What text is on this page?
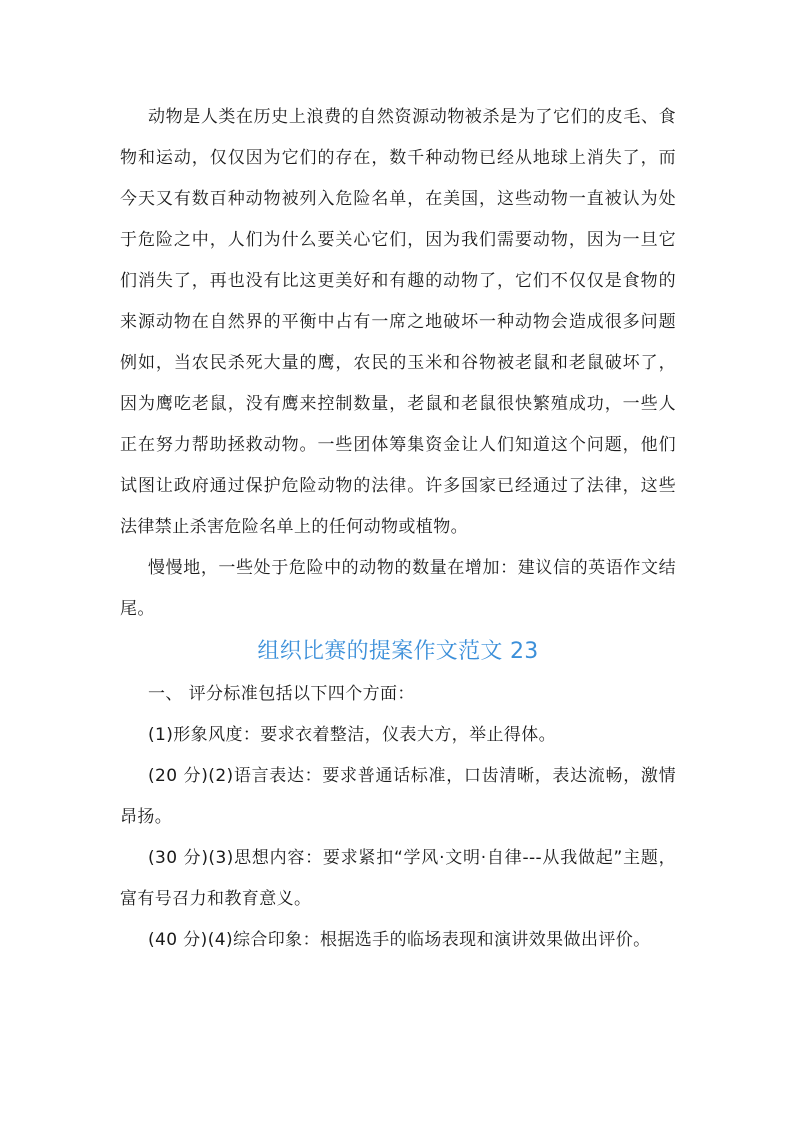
动物是人类在历史上浪费的自然资源动物被杀是为了它们的皮毛、食物和运动，仅仅因为它们的存在，数千种动物已经从地球上消失了，而今天又有数百种动物被列入危险名单，在美国，这些动物一直被认为处于危险之中，人们为什么要关心它们，因为我们需要动物，因为一旦它们消失了，再也没有比这更美好和有趣的动物了，它们不仅仅是食物的来源动物在自然界的平衡中占有一席之地破坏一种动物会造成很多问题例如，当农民杀死大量的鹰，农民的玉米和谷物被老鼠和老鼠破坏了，因为鹰吃老鼠，没有鹰来控制数量，老鼠和老鼠很快繁殖成功，一些人正在努力帮助拯救动物。一些团体筹集资金让人们知道这个问题，他们试图让政府通过保护危险动物的法律。许多国家已经通过了法律，这些法律禁止杀害危险名单上的任何动物或植物。

慢慢地，一些处于危险中的动物的数量在增加：建议信的英语作文结尾。

组织比赛的提案作文范文 23

一、 评分标准包括以下四个方面：

(1)形象风度：要求衣着整洁，仪表大方，举止得体。

(20 分)(2)语言表达：要求普通话标准，口齿清晰，表达流畅，激情昂扬。

(30 分)(3)思想内容：要求紧扣“学风·文明·自律---从我做起”主题，富有号召力和教育意义。

(40 分)(4)综合印象：根据选手的临场表现和演讲效果做出评价。
